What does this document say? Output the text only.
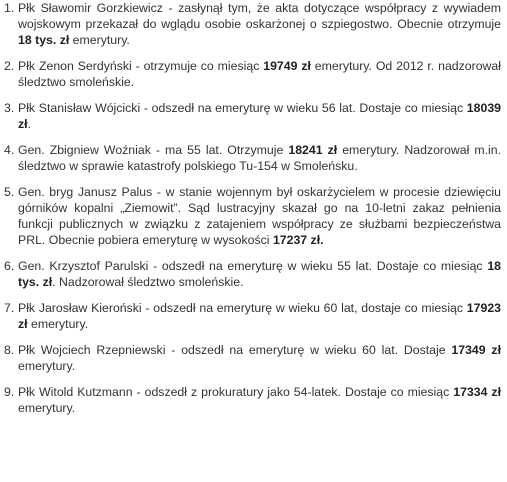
1. Płk Sławomir Gorzkiewicz - zasłynął tym, że akta dotyczące współpracy z wywiadem wojskowym przekazał do wglądu osobie oskarżonej o szpiegostwo. Obecnie otrzymuje 18 tys. zł emerytury.
2. Płk Zenon Serdyński - otrzymuje co miesiąc 19749 zł emerytury. Od 2012 r. nadzorował śledztwo smoleńskie.
3. Płk Stanisław Wójcicki - odszedł na emeryturę w wieku 56 lat. Dostaje co miesiąc 18039 zł.
4. Gen. Zbigniew Woźniak - ma 55 lat. Otrzymuje 18241 zł emerytury. Nadzorował m.in. śledztwo w sprawie katastrofy polskiego Tu-154 w Smoleńsku.
5. Gen. bryg Janusz Palus - w stanie wojennym był oskarżycielem w procesie dziewięciu górników kopalni „Ziemowit”. Sąd lustracyjny skazał go na 10-letni zakaz pełnienia funkcji publicznych w związku z zatajeniem współpracy ze służbami bezpieczeństwa PRL. Obecnie pobiera emeryturę w wysokości 17237 zł.
6. Gen. Krzysztof Parulski - odszedł na emeryturę w wieku 55 lat. Dostaje co miesiąc 18 tys. zł. Nadzorował śledztwo smoleńskie.
7. Płk Jarosław Kieroński - odszedł na emeryturę w wieku 60 lat, dostaje co miesiąc 17923 zł emerytury.
8. Płk Wojciech Rzepniewski - odszedł na emeryturę w wieku 60 lat. Dostaje 17349 zł emerytury.
9. Płk Witold Kutzmann - odszedł z prokuratury jako 54-latek. Dostaje co miesiąc 17334 zł emerytury.
